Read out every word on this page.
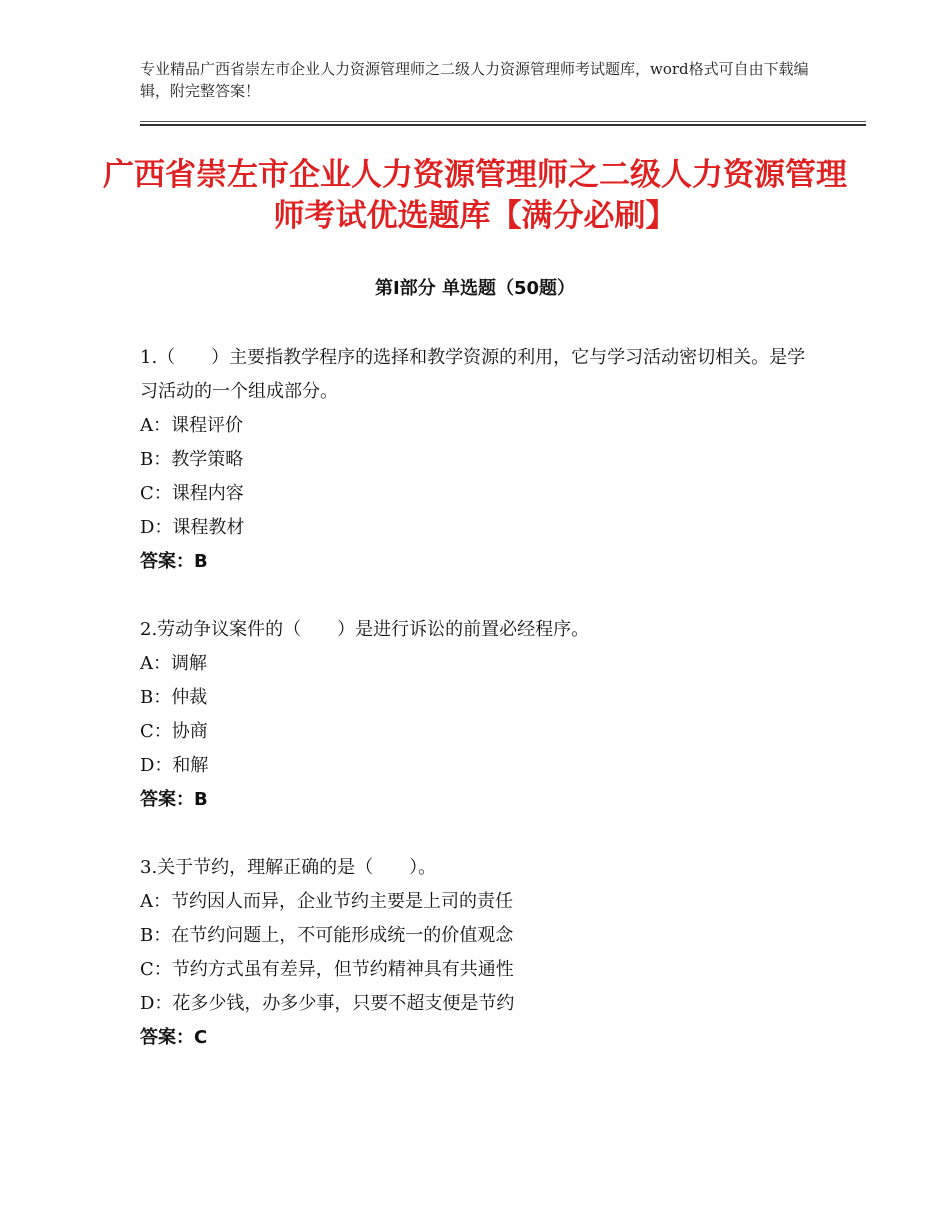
专业精品广西省崇左市企业人力资源管理师之二级人力资源管理师考试题库，word格式可自由下载编辑，附完整答案！
广西省崇左市企业人力资源管理师之二级人力资源管理师考试优选题库【满分必刷】
第Ⅰ部分 单选题（50题）

1.（　　）主要指教学程序的选择和教学资源的利用，它与学习活动密切相关。是学习活动的一个组成部分。

A：课程评价

B：教学策略

C：课程内容

D：课程教材

答案：B

2.劳动争议案件的（　　）是进行诉讼的前置必经程序。

A：调解

B：仲裁

C：协商

D：和解

答案：B

3.关于节约，理解正确的是（　　）。

A：节约因人而异，企业节约主要是上司的责任

B：在节约问题上，不可能形成统一的价值观念

C：节约方式虽有差异，但节约精神具有共通性

D：花多少钱，办多少事，只要不超支便是节约

答案：C
